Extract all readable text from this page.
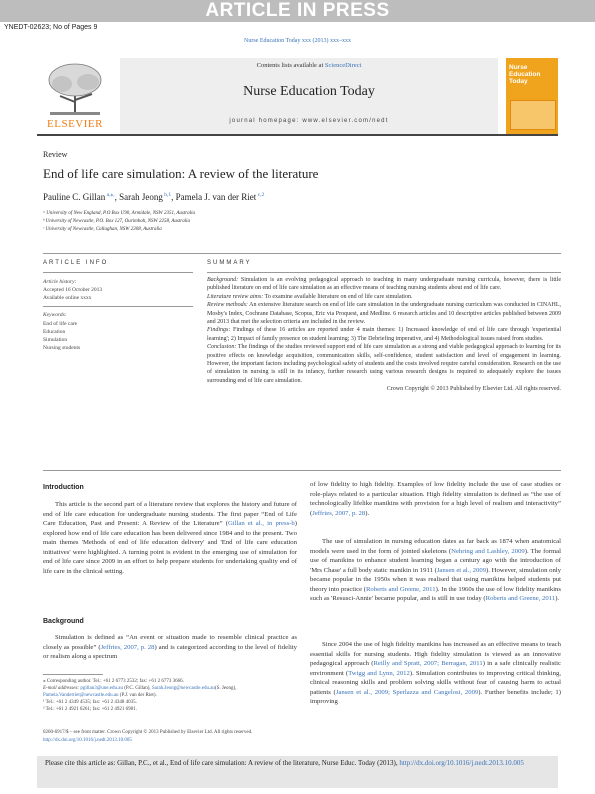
ARTICLE IN PRESS
YNEDT-02623; No of Pages 9
Nurse Education Today xxx (2013) xxx–xxx
ELSEVIER
Contents lists available at ScienceDirect
Nurse Education Today
journal homepage: www.elsevier.com/nedt
Nurse Education Today
Review
End of life care simulation: A review of the literature
Pauline C. Gillan $^{a,⁎,}$, Sarah Jeong $^{b,1}$, Pamela J. van der Riet $^{c,2}$
ᵃ University of New England, P.O Box U90, Armidale, NSW 2351, Australia
ᵇ University of Newcastle, P.O. Box 127, Ourimbah, NSW 2258, Australia
ᶜ University of Newcastle, Callaghan, NSW 2308, Australia
ARTICLE INFO
Article history:
Accepted 16 October 2013
Available online xxxx
Keywords:
End of life care
Education
Simulation
Nursing students
SUMMARY
Background: Simulation is an evolving pedagogical approach to teaching in many undergraduate nursing curricula, however, there is little published literature on end of life care simulation as an effective means of teaching nursing students about end of life care.
Literature review aims: To examine available literature on end of life care simulation.
Review methods: An extensive literature search on end of life care simulation in the undergraduate nursing curriculum was conducted in CINAHL, Mosby's Index, Cochrane Database, Scopus, Eric via Proquest, and Medline. 6 research articles and 10 descriptive articles published between 2009 and 2013 that met the selection criteria are included in the review.
Findings: Findings of these 16 articles are reported under 4 main themes: 1) Increased knowledge of end of life care through 'experiential learning'; 2) Impact of family presence on student learning; 3) The Debriefing imperative, and 4) Methodological issues raised from studies.
Conclusion: The findings of the studies reviewed support end of life care simulation as a strong and viable pedagogical approach to learning for its positive effects on knowledge acquisition, communication skills, self-confidence, student satisfaction and level of engagement in learning. However, the important factors including psychological safety of students and the costs involved require careful consideration. Research on the use of simulation in nursing is still in its infancy, further research using various research designs is required to adequately explore the issues surrounding end of life care simulation.

Crown Copyright © 2013 Published by Elsevier Ltd. All rights reserved.
Introduction
This article is the second part of a literature review that explores the history and future of end of life care education for undergraduate nursing students. The first paper “End of Life Care Education, Past and Present: A Review of the Literature” (Gillan et al., in press-b) explored how end of life care education has been delivered since 1984 and to the present. Two main themes 'Methods of end of life education delivery' and 'End of life care education initiatives' were highlighted. A turning point is evident in the emerging use of simulation for end of life care since 2009 in an effort to help prepare students for undertaking quality end of life care in the clinical setting.
Background
Simulation is defined as “An event or situation made to resemble clinical practice as closely as possible” (Jeffries, 2007, p. 28) and is categorized according to the level of fidelity or realism along a spectrum
⁎ Corresponding author. Tel.: +61 2 6773 2532; fax: +61 2 6773 3666.
E-mail addresses: pgillan3@une.edu.au (P.C. Gillan), Sarah.Jeong@newcastle.edu.au(S. Jeong), Pamela.Vanderriet@newcastle.edu.au (P.J. van der Riet).
¹ Tel.: +61 2 4349 4535; fax: +61 2 4348 4035.
² Tel.: +61 2 4921 6261; fax: +61 2 4921 6981.
of low fidelity to high fidelity. Examples of low fidelity include the use of case studies or role-plays related to a particular situation. High fidelity simulation is defined as “the use of technologically lifelike manikins with provision for a high level of realism and interactivity” (Jeffries, 2007, p. 28).
The use of simulation in nursing education dates as far back as 1874 when anatomical models were used in the form of jointed skeletons (Nehring and Lashley, 2009). The formal use of manikins to enhance student learning began a century ago with the introduction of 'Mrs Chase' a full body static manikin in 1911 (Jansen et al., 2009). However, simulation only became popular in the 1950s when it was realised that using manikins helped students put theory into practice (Roberts and Greene, 2011). In the 1960s the use of low fidelity manikins such as 'Resusci-Annie' became popular, and is still in use today (Roberts and Greene, 2011).
Since 2004 the use of high fidelity manikins has increased as an effective means to teach essential skills for nursing students. High fidelity simulation is viewed as an innovative pedagogical approach (Reilly and Spratt, 2007; Berragan, 2011) in a safe clinically realistic environment (Twigg and Lynn, 2012). Simulation contributes to improving critical thinking, clinical reasoning skills and problem solving skills without fear of causing harm to actual patients (Jansen et al., 2009; Sperlazza and Cangelosi, 2009). Further benefits include; 1) improving
0260-6917/$ – see front matter. Crown Copyright © 2013 Published by Elsevier Ltd. All rights reserved.
http://dx.doi.org/10.1016/j.nedt.2013.10.005
Please cite this article as: Gillan, P.C., et al., End of life care simulation: A review of the literature, Nurse Educ. Today (2013), http://dx.doi.org/10.1016/j.nedt.2013.10.005
